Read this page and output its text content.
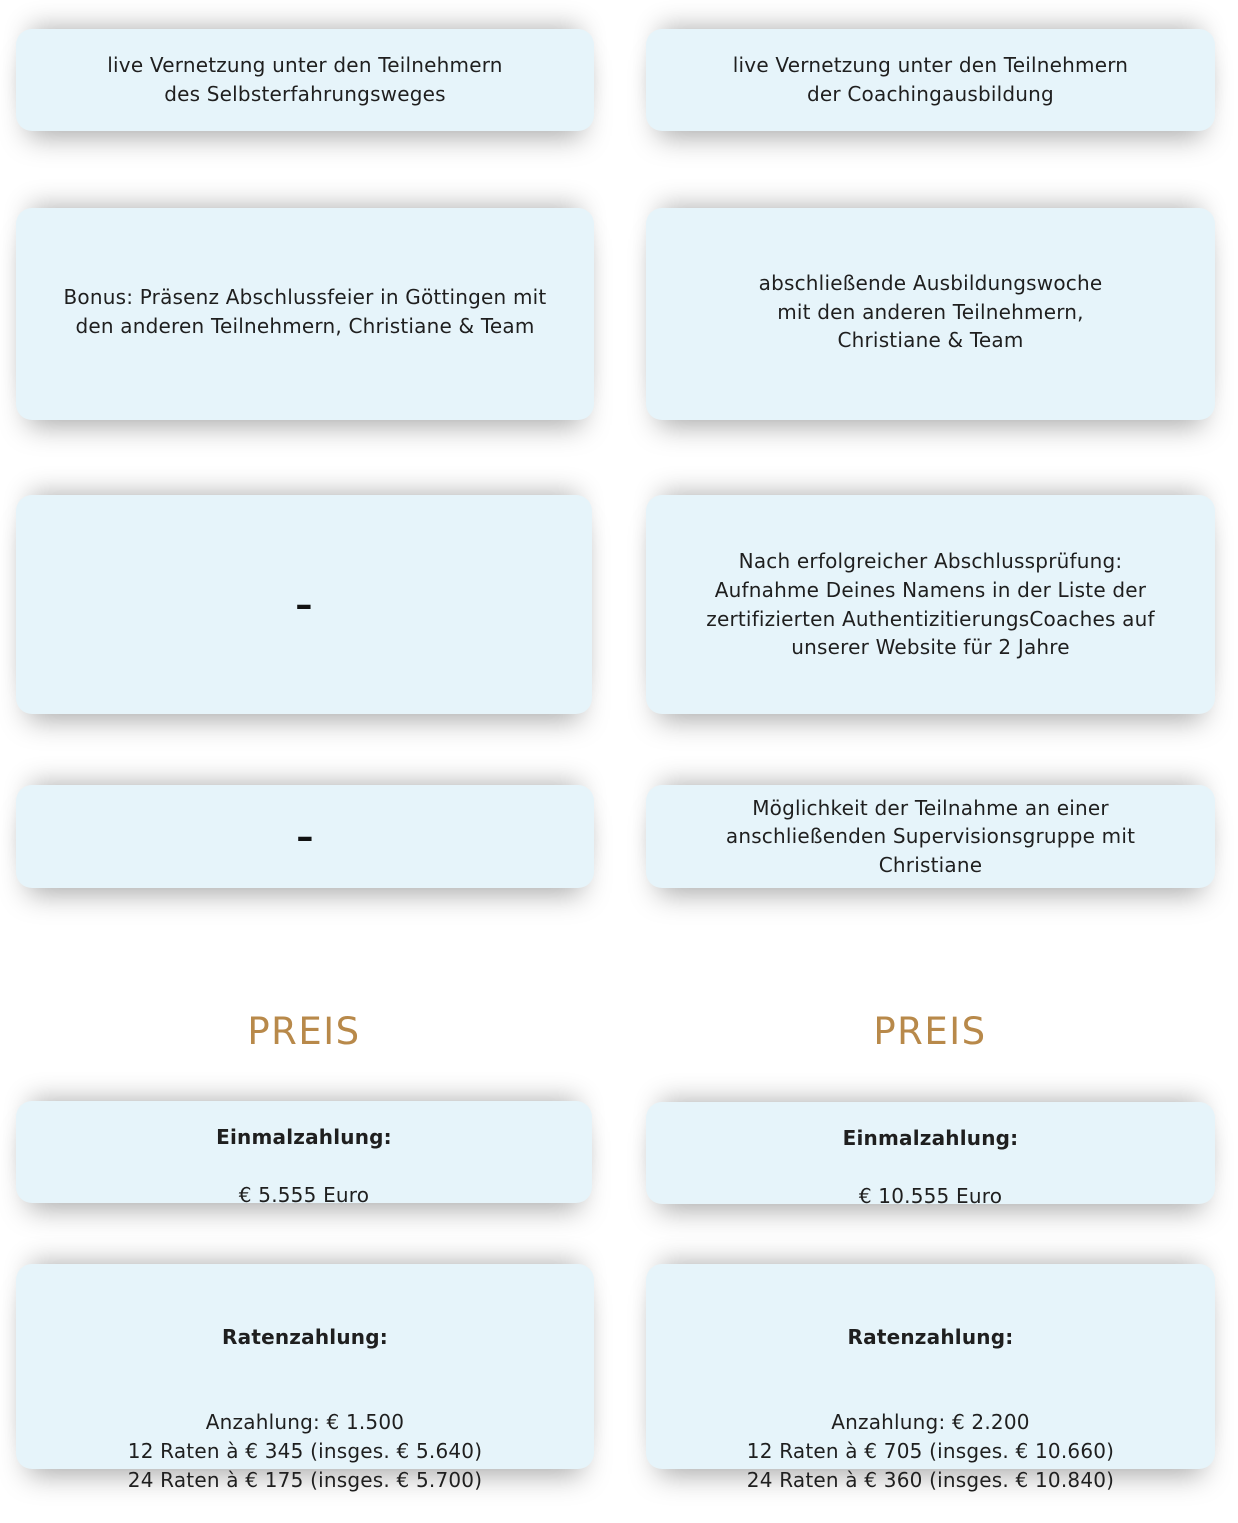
live Vernetzung unter den Teilnehmern
des Selbsterfahrungsweges
Bonus: Präsenz Abschlussfeier in Göttingen mit
den anderen Teilnehmern, Christiane & Team
–
–
PREIS

Einmalzahlung:

€ 5.555 Euro

Ratenzahlung:

Anzahlung: € 1.500
12 Raten à € 345 (insges. € 5.640)
24 Raten à € 175 (insges. € 5.700)

live Vernetzung unter den Teilnehmern
der Coachingausbildung
abschließende Ausbildungswoche
mit den anderen Teilnehmern,
Christiane & Team
Nach erfolgreicher Abschlussprüfung:
Aufnahme Deines Namens in der Liste der
zertifizierten AuthentizitierungsCoaches auf
unserer Website für 2 Jahre
Möglichkeit der Teilnahme an einer
anschließenden Supervisionsgruppe mit
Christiane
PREIS

Einmalzahlung:

€ 10.555 Euro

Ratenzahlung:

Anzahlung: € 2.200
12 Raten à € 705 (insges. € 10.660)
24 Raten à € 360 (insges. € 10.840)
